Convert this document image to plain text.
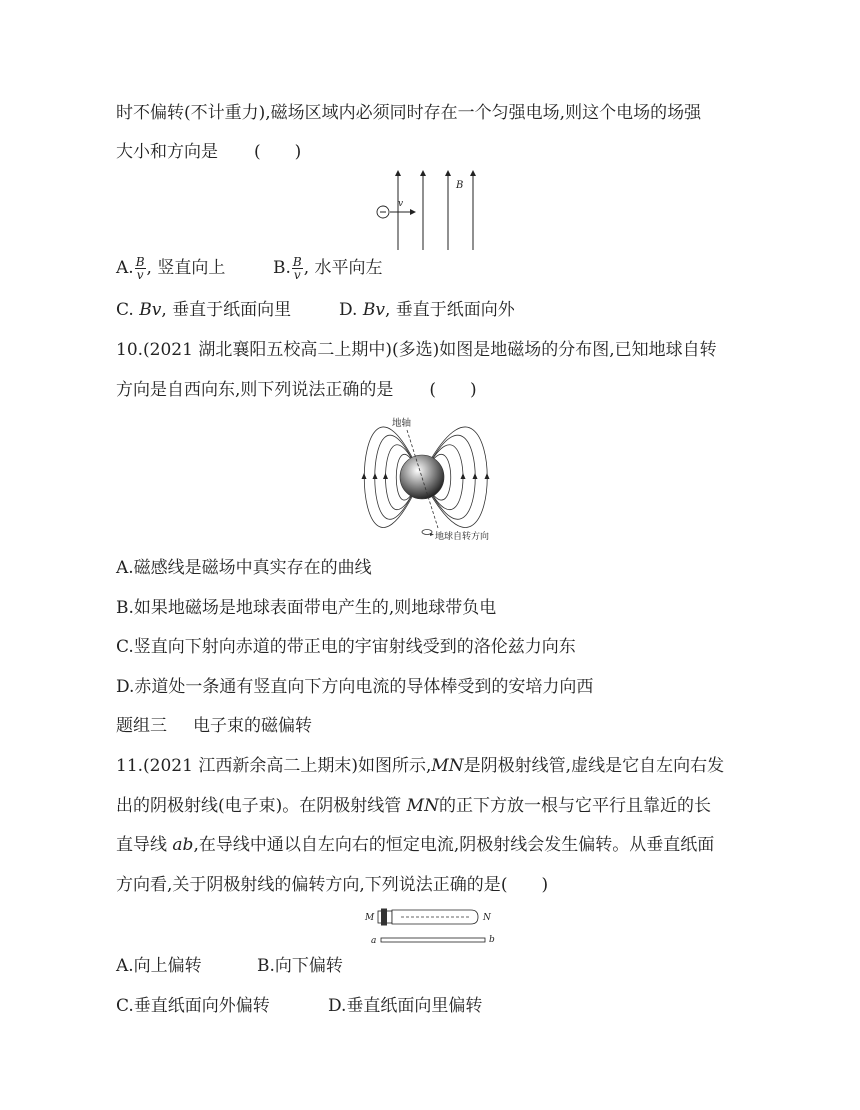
时不偏转(不计重力),磁场区域内必须同时存在一个匀强电场,则这个电场的场强
大小和方向是 (　　)
A. $\frac{B}{v}$ , 竖直向上	B. $\frac{B}{v}$ , 水平向左
C. Bv, 垂直于纸面向里	D. Bv, 垂直于纸面向外
10.(2021 湖北襄阳五校高二上期中)(多选)如图是地磁场的分布图,已知地球自转
方向是自西向东,则下列说法正确的是 (　　)
A.磁感线是磁场中真实存在的曲线
B.如果地磁场是地球表面带电产生的,则地球带负电
C.竖直向下射向赤道的带正电的宇宙射线受到的洛伦兹力向东
D.赤道处一条通有竖直向下方向电流的导体棒受到的安培力向西
题组三 电子束的磁偏转
11.(2021 江西新余高二上期末)如图所示,MN是阴极射线管,虚线是它自左向右发
出的阴极射线(电子束)。在阴极射线管 MN的正下方放一根与它平行且靠近的长
直导线 ab,在导线中通以自左向右的恒定电流,阴极射线会发生偏转。从垂直纸面
方向看,关于阴极射线的偏转方向,下列说法正确的是(　　)
A.向上偏转	B.向下偏转
C.垂直纸面向外偏转	D.垂直纸面向里偏转
B
v
地轴
地球自转方向
M	N
a	b
